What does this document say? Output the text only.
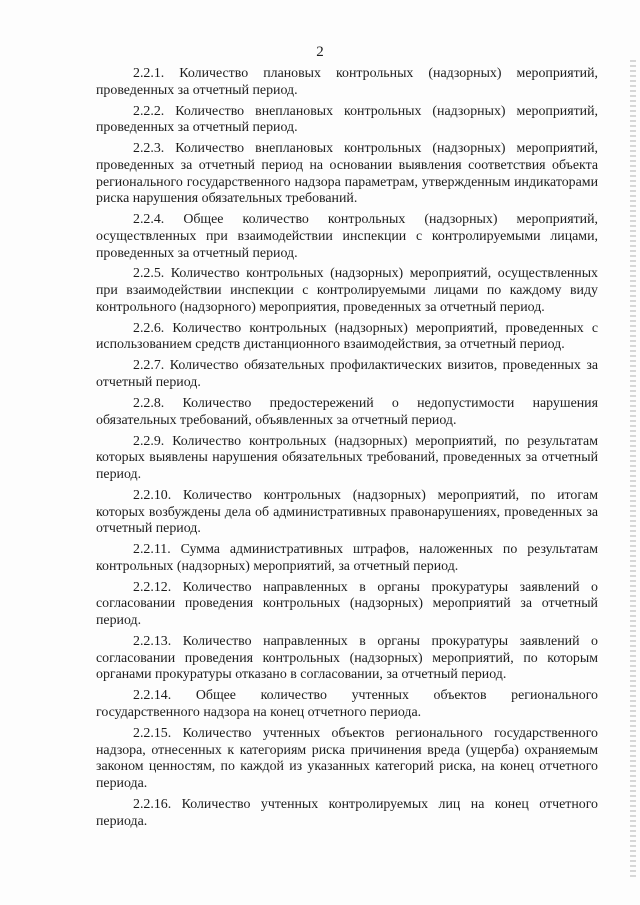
2

2.2.1. Количество плановых контрольных (надзорных) мероприятий, проведенных за отчетный период.

2.2.2. Количество внеплановых контрольных (надзорных) мероприятий, проведенных за отчетный период.

2.2.3. Количество внеплановых контрольных (надзорных) мероприятий, проведенных за отчетный период на основании выявления соответствия объекта регионального государственного надзора параметрам, утвержденным индикаторами риска нарушения обязательных требований.

2.2.4. Общее количество контрольных (надзорных) мероприятий, осуществленных при взаимодействии инспекции с контролируемыми лицами, проведенных за отчетный период.

2.2.5. Количество контрольных (надзорных) мероприятий, осуществленных при взаимодействии инспекции с контролируемыми лицами по каждому виду контрольного (надзорного) мероприятия, проведенных за отчетный период.

2.2.6. Количество контрольных (надзорных) мероприятий, проведенных с использованием средств дистанционного взаимодействия, за отчетный период.

2.2.7. Количество обязательных профилактических визитов, проведенных за отчетный период.

2.2.8. Количество предостережений о недопустимости нарушения обязательных требований, объявленных за отчетный период.

2.2.9. Количество контрольных (надзорных) мероприятий, по результатам которых выявлены нарушения обязательных требований, проведенных за отчетный период.

2.2.10. Количество контрольных (надзорных) мероприятий, по итогам которых возбуждены дела об административных правонарушениях, проведенных за отчетный период.

2.2.11. Сумма административных штрафов, наложенных по результатам контрольных (надзорных) мероприятий, за отчетный период.

2.2.12. Количество направленных в органы прокуратуры заявлений о согласовании проведения контрольных (надзорных) мероприятий за отчетный период.

2.2.13. Количество направленных в органы прокуратуры заявлений о согласовании проведения контрольных (надзорных) мероприятий, по которым органами прокуратуры отказано в согласовании, за отчетный период.

2.2.14. Общее количество учтенных объектов регионального государственного надзора на конец отчетного периода.

2.2.15. Количество учтенных объектов регионального государственного надзора, отнесенных к категориям риска причинения вреда (ущерба) охраняемым законом ценностям, по каждой из указанных категорий риска, на конец отчетного периода.

2.2.16. Количество учтенных контролируемых лиц на конец отчетного периода.
